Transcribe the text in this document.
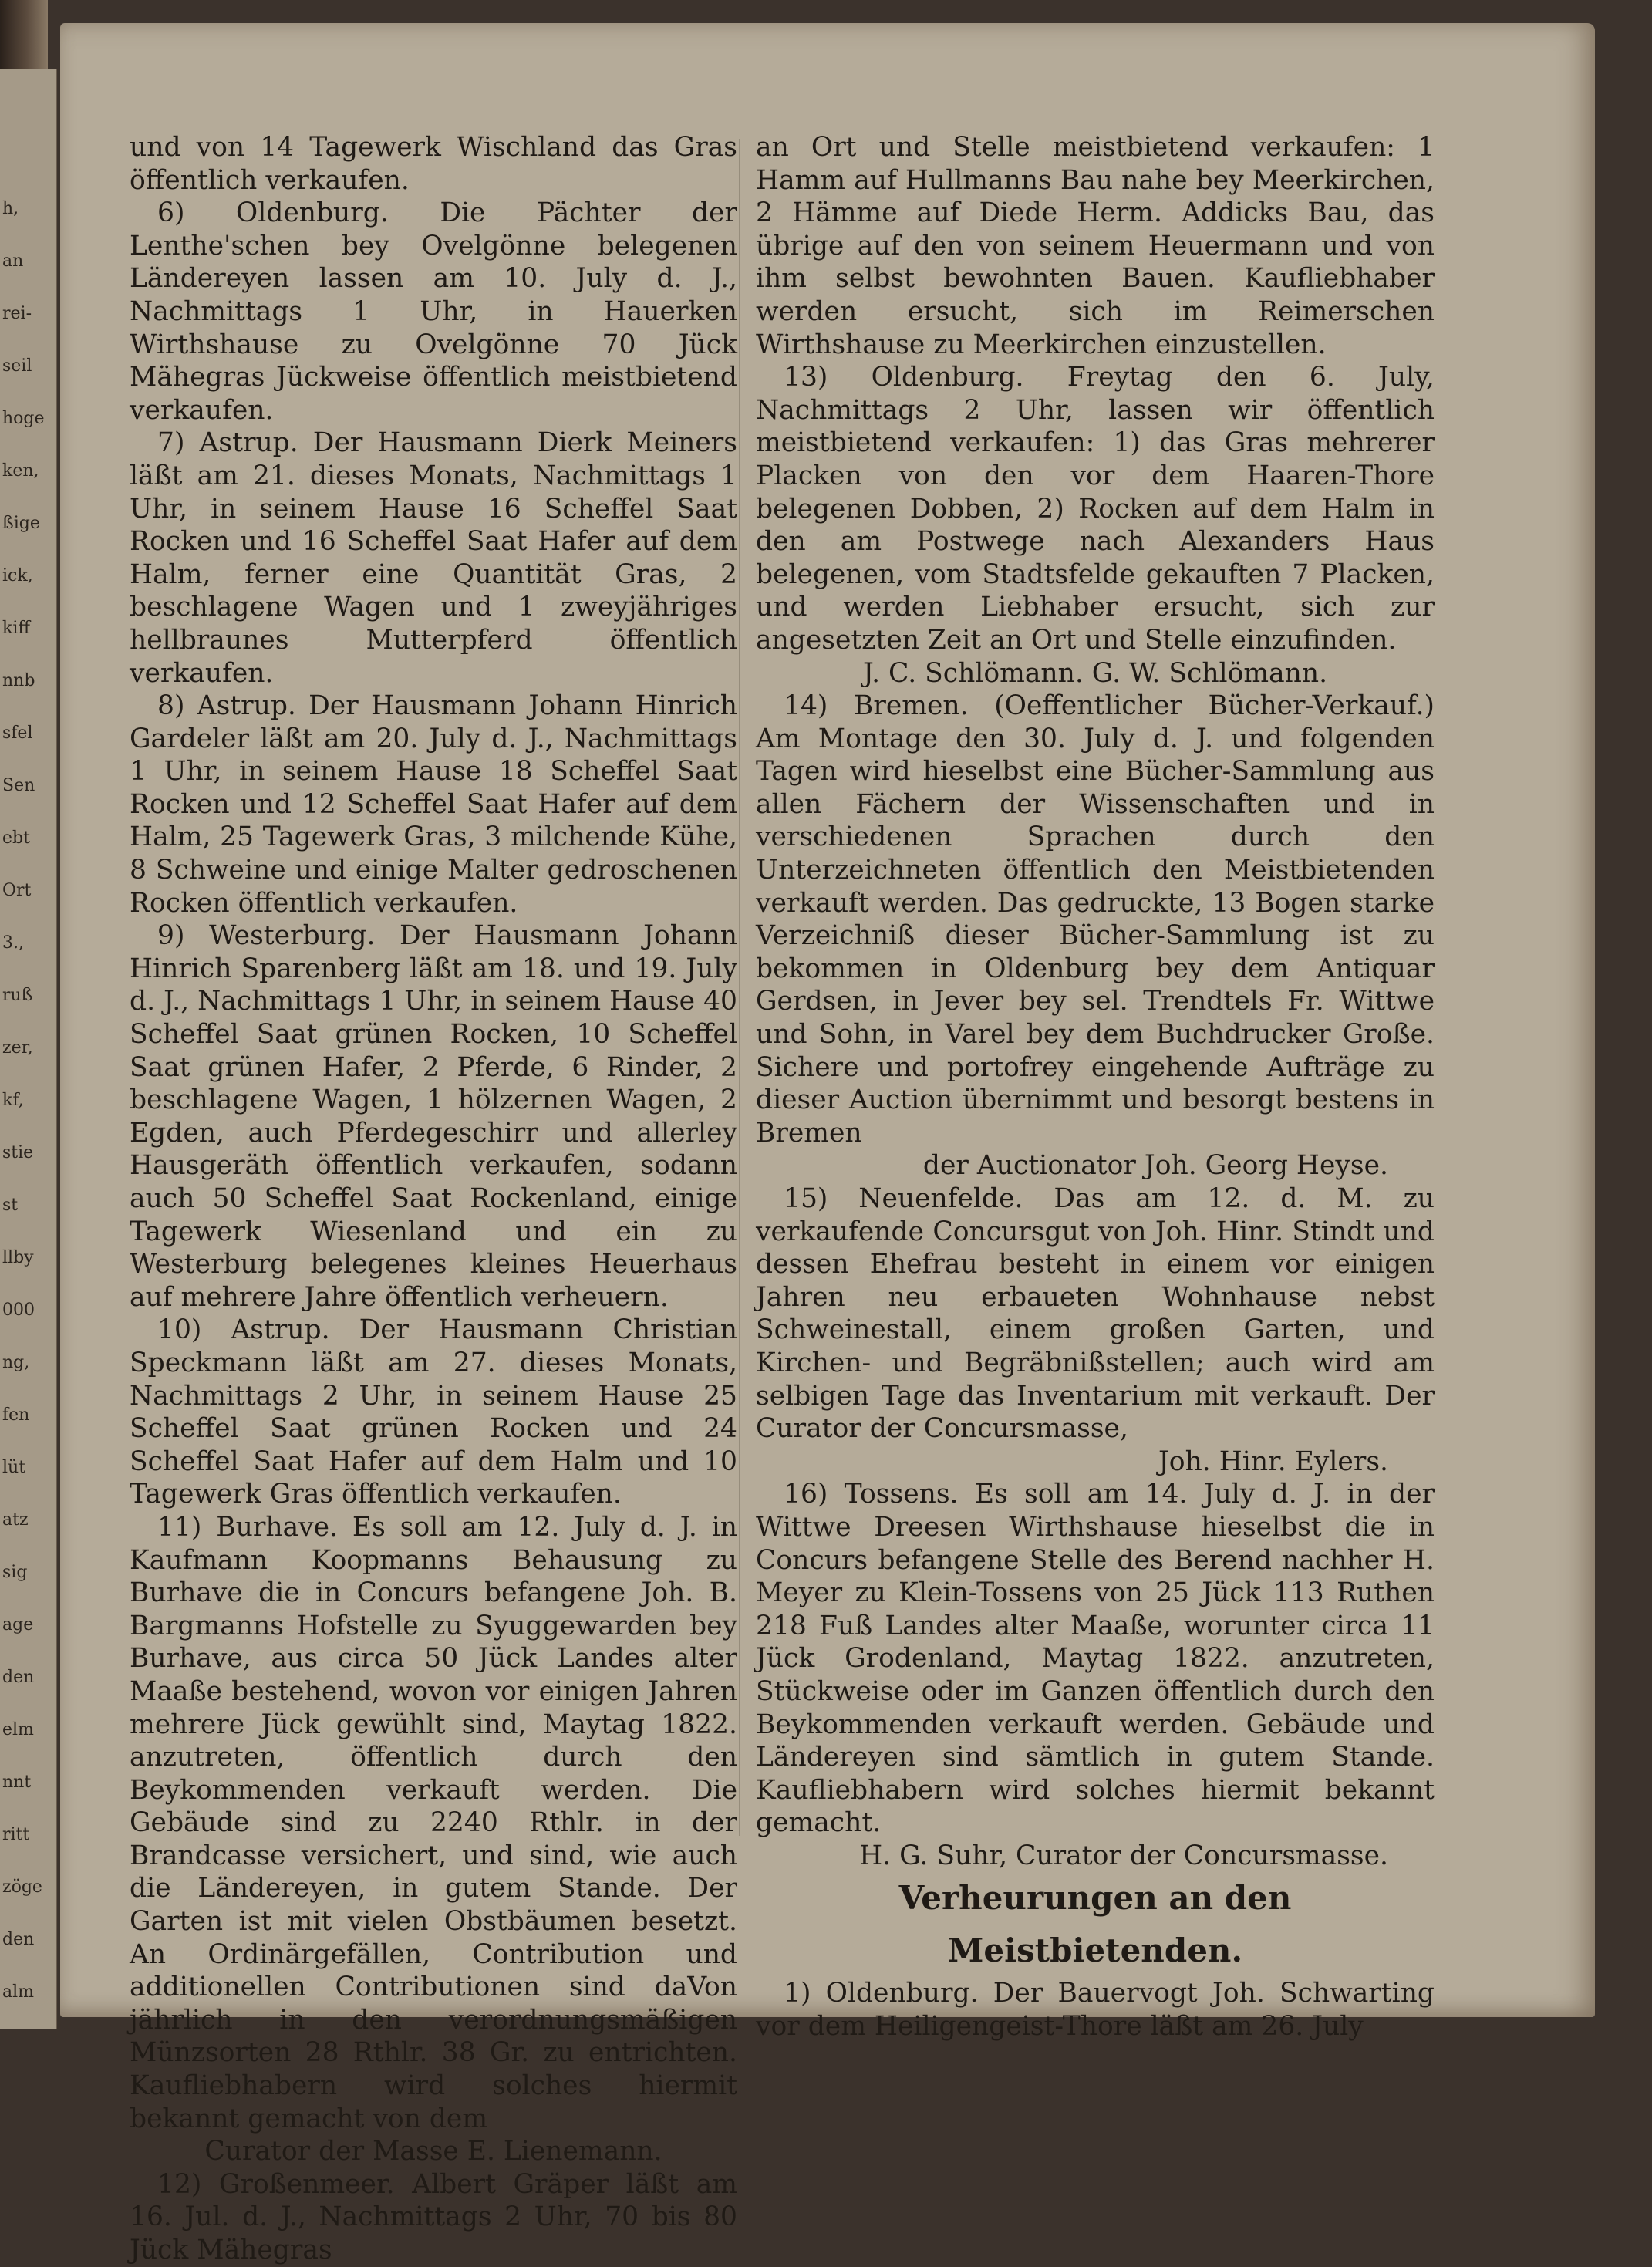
h,
an
rei-
seil
hoge
ken,
ßige
ick,
kiff
nnb
sfel
Sen
ebt
Ort
3.,
ruß
zer,
kf,
stie
st
llby
000
ng,
fen
lüt
atz
sig
age
den
elm
nnt
ritt
zöge
den
alm

und von 14 Tagewerk Wischland das Gras öffentlich verkaufen.

6) Oldenburg. Die Pächter der Lenthe'schen bey Ovelgönne belegenen Ländereyen lassen am 10. July d. J., Nachmittags 1 Uhr, in Hauerken Wirthshause zu Ovelgönne 70 Jück Mähegras Jückweise öffentlich meistbietend verkaufen.

7) Astrup. Der Hausmann Dierk Meiners läßt am 21. dieses Monats, Nachmittags 1 Uhr, in seinem Hause 16 Scheffel Saat Rocken und 16 Scheffel Saat Hafer auf dem Halm, ferner eine Quantität Gras, 2 beschlagene Wagen und 1 zweyjähriges hellbraunes Mutterpferd öffentlich verkaufen.

8) Astrup. Der Hausmann Johann Hinrich Gardeler läßt am 20. July d. J., Nachmittags 1 Uhr, in seinem Hause 18 Scheffel Saat Rocken und 12 Scheffel Saat Hafer auf dem Halm, 25 Tagewerk Gras, 3 milchende Kühe, 8 Schweine und einige Malter gedroschenen Rocken öffentlich verkaufen.

9) Westerburg. Der Hausmann Johann Hinrich Sparenberg läßt am 18. und 19. July d. J., Nachmittags 1 Uhr, in seinem Hause 40 Scheffel Saat grünen Rocken, 10 Scheffel Saat grünen Hafer, 2 Pferde, 6 Rinder, 2 beschlagene Wagen, 1 hölzernen Wagen, 2 Egden, auch Pferdegeschirr und allerley Hausgeräth öffentlich verkaufen, sodann auch 50 Scheffel Saat Rockenland, einige Tagewerk Wiesenland und ein zu Westerburg belegenes kleines Heuerhaus auf mehrere Jahre öffentlich verheuern.

10) Astrup. Der Hausmann Christian Speckmann läßt am 27. dieses Monats, Nachmittags 2 Uhr, in seinem Hause 25 Scheffel Saat grünen Rocken und 24 Scheffel Saat Hafer auf dem Halm und 10 Tagewerk Gras öffentlich verkaufen.

11) Burhave. Es soll am 12. July d. J. in Kaufmann Koopmanns Behausung zu Burhave die in Concurs befangene Joh. B. Bargmanns Hofstelle zu Syuggewarden bey Burhave, aus circa 50 Jück Landes alter Maaße bestehend, wovon vor einigen Jahren mehrere Jück gewühlt sind, Maytag 1822. anzutreten, öffentlich durch den Beykommenden verkauft werden. Die Gebäude sind zu 2240 Rthlr. in der Brandcasse versichert, und sind, wie auch die Ländereyen, in gutem Stande. Der Garten ist mit vielen Obstbäumen besetzt. An Ordinärgefällen, Contribution und additionellen Contributionen sind daVon jährlich in den verordnungsmäßigen Münzsorten 28 Rthlr. 38 Gr. zu entrichten. Kaufliebhabern wird solches hiermit bekannt gemacht von dem

Curator der Masse E. Lienemann.

12) Großenmeer. Albert Gräper läßt am 16. Jul. d. J., Nachmittags 2 Uhr, 70 bis 80 Jück Mähegras

an Ort und Stelle meistbietend verkaufen: 1 Hamm auf Hullmanns Bau nahe bey Meerkirchen, 2 Hämme auf Diede Herm. Addicks Bau, das übrige auf den von seinem Heuermann und von ihm selbst bewohnten Bauen. Kaufliebhaber werden ersucht, sich im Reimerschen Wirthshause zu Meerkirchen einzustellen.

13) Oldenburg. Freytag den 6. July, Nachmittags 2 Uhr, lassen wir öffentlich meistbietend verkaufen: 1) das Gras mehrerer Placken von den vor dem Haaren-Thore belegenen Dobben, 2) Rocken auf dem Halm in den am Postwege nach Alexanders Haus belegenen, vom Stadtsfelde gekauften 7 Placken, und werden Liebhaber ersucht, sich zur angesetzten Zeit an Ort und Stelle einzufinden.

J. C. Schlömann. G. W. Schlömann.

14) Bremen. (Oeffentlicher Bücher-Verkauf.) Am Montage den 30. July d. J. und folgenden Tagen wird hieselbst eine Bücher-Sammlung aus allen Fächern der Wissenschaften und in verschiedenen Sprachen durch den Unterzeichneten öffentlich den Meistbietenden verkauft werden. Das gedruckte, 13 Bogen starke Verzeichniß dieser Bücher-Sammlung ist zu bekommen in Oldenburg bey dem Antiquar Gerdsen, in Jever bey sel. Trendtels Fr. Wittwe und Sohn, in Varel bey dem Buchdrucker Große. Sichere und portofrey eingehende Aufträge zu dieser Auction übernimmt und besorgt bestens in Bremen

der Auctionator Joh. Georg Heyse.

15) Neuenfelde. Das am 12. d. M. zu verkaufende Concursgut von Joh. Hinr. Stindt und dessen Ehefrau besteht in einem vor einigen Jahren neu erbaueten Wohnhause nebst Schweinestall, einem großen Garten, und Kirchen- und Begräbnißstellen; auch wird am selbigen Tage das Inventarium mit verkauft. Der Curator der Concursmasse,

Joh. Hinr. Eylers.

16) Tossens. Es soll am 14. July d. J. in der Wittwe Dreesen Wirthshause hieselbst die in Concurs befangene Stelle des Berend nachher H. Meyer zu Klein-Tossens von 25 Jück 113 Ruthen 218 Fuß Landes alter Maaße, worunter circa 11 Jück Grodenland, Maytag 1822. anzutreten, Stückweise oder im Ganzen öffentlich durch den Beykommenden verkauft werden. Gebäude und Ländereyen sind sämtlich in gutem Stande. Kaufliebhabern wird solches hiermit bekannt gemacht.

H. G. Suhr, Curator der Concursmasse.

Verheurungen an den Meistbietenden.

1) Oldenburg. Der Bauervogt Joh. Schwarting vor dem Heiligengeist-Thore läßt am 26. July
